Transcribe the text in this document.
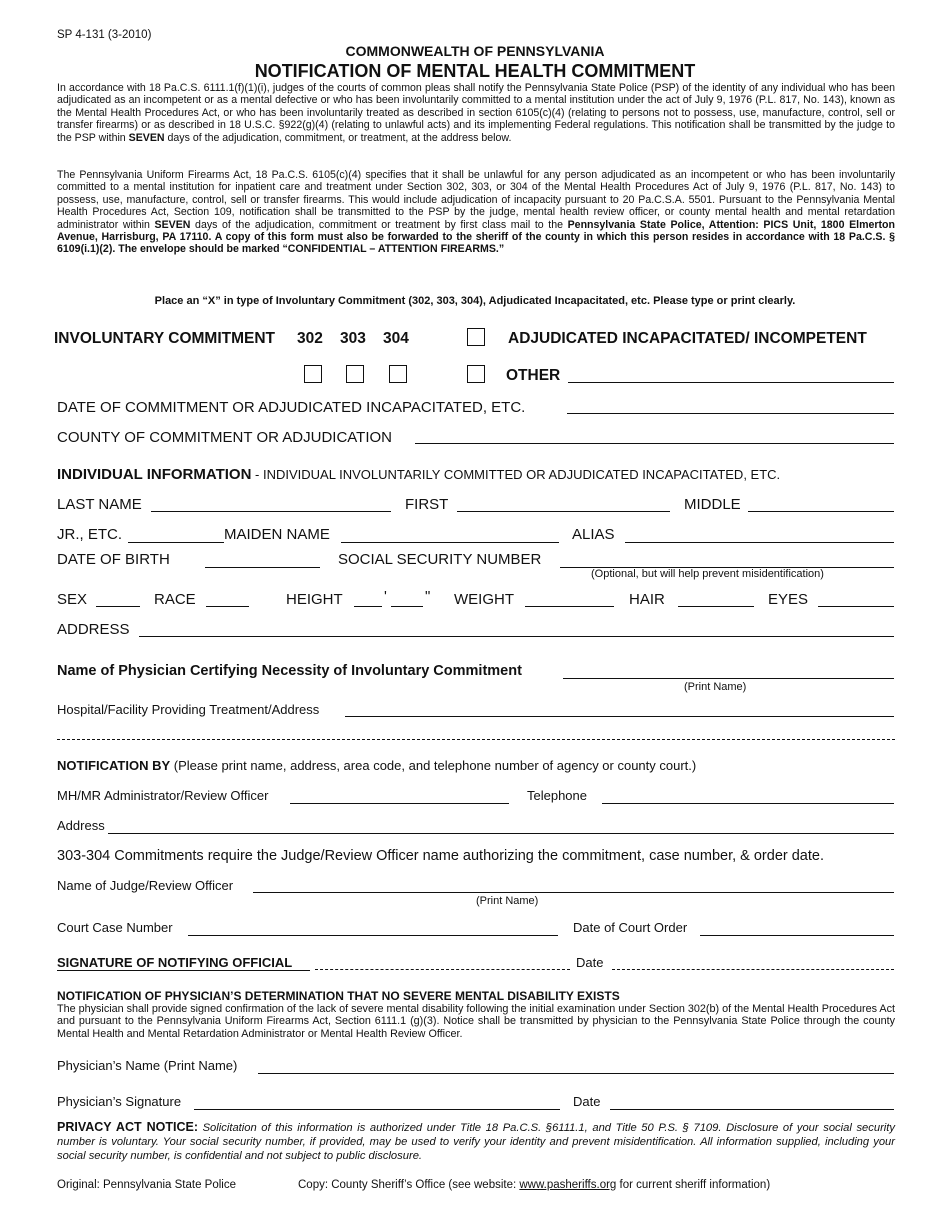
SP 4-131 (3-2010)
COMMONWEALTH OF PENNSYLVANIA
NOTIFICATION OF MENTAL HEALTH COMMITMENT
In accordance with 18 Pa.C.S. 6111.1(f)(1)(i), judges of the courts of common pleas shall notify the Pennsylvania State Police (PSP) of the identity of any individual who has been adjudicated as an incompetent or as a mental defective or who has been involuntarily committed to a mental institution under the act of July 9, 1976 (P.L. 817, No. 143), known as the Mental Health Procedures Act, or who has been involuntarily treated as described in section 6105(c)(4) (relating to persons not to possess, use, manufacture, control, sell or transfer firearms) or as described in 18 U.S.C. §922(g)(4) (relating to unlawful acts) and its implementing Federal regulations. This notification shall be transmitted by the judge to the PSP within SEVEN days of the adjudication, commitment, or treatment, at the address below.
The Pennsylvania Uniform Firearms Act, 18 Pa.C.S. 6105(c)(4) specifies that it shall be unlawful for any person adjudicated as an incompetent or who has been involuntarily committed to a mental institution for inpatient care and treatment under Section 302, 303, or 304 of the Mental Health Procedures Act of July 9, 1976 (P.L. 817, No. 143) to possess, use, manufacture, control, sell or transfer firearms. This would include adjudication of incapacity pursuant to 20 Pa.C.S.A. 5501. Pursuant to the Pennsylvania Mental Health Procedures Act, Section 109, notification shall be transmitted to the PSP by the judge, mental health review officer, or county mental health and mental retardation administrator within SEVEN days of the adjudication, commitment or treatment by first class mail to the Pennsylvania State Police, Attention: PICS Unit, 1800 Elmerton Avenue, Harrisburg, PA 17110. A copy of this form must also be forwarded to the sheriff of the county in which this person resides in accordance with 18 Pa.C.S. § 6109(i.1)(2). The envelope should be marked “CONFIDENTIAL – ATTENTION FIREARMS.”
Place an “X” in type of Involuntary Commitment (302, 303, 304), Adjudicated Incapacitated, etc. Please type or print clearly.
INVOLUNTARY COMMITMENT 302 303 304	ADJUDICATED INCAPACITATED/ INCOMPETENT
OTHER
DATE OF COMMITMENT OR ADJUDICATED INCAPACITATED, ETC.
COUNTY OF COMMITMENT OR ADJUDICATION
INDIVIDUAL INFORMATION - INDIVIDUAL INVOLUNTARILY COMMITTED OR ADJUDICATED INCAPACITATED, ETC.
LAST NAME	FIRST	MIDDLE
JR., ETC.	MAIDEN NAME	ALIAS
DATE OF BIRTH	SOCIAL SECURITY NUMBER
(Optional, but will help prevent misidentification)
SEX	RACE	HEIGHT	'	" WEIGHT	HAIR	EYES
ADDRESS
Name of Physician Certifying Necessity of Involuntary Commitment
(Print Name)
Hospital/Facility Providing Treatment/Address
NOTIFICATION BY (Please print name, address, area code, and telephone number of agency or county court.)
MH/MR Administrator/Review Officer	Telephone
Address
303-304 Commitments require the Judge/Review Officer name authorizing the commitment, case number, & order date.
Name of Judge/Review Officer
(Print Name)
Court Case Number	Date of Court Order
SIGNATURE OF NOTIFYING OFFICIAL	Date
NOTIFICATION OF PHYSICIAN’S DETERMINATION THAT NO SEVERE MENTAL DISABILITY EXISTS
The physician shall provide signed confirmation of the lack of severe mental disability following the initial examination under Section 302(b) of the Mental Health Procedures Act and pursuant to the Pennsylvania Uniform Firearms Act, Section 6111.1 (g)(3). Notice shall be transmitted by physician to the Pennsylvania State Police through the county Mental Health and Mental Retardation Administrator or Mental Health Review Officer.
Physician’s Name (Print Name)
Physician’s Signature	Date
PRIVACY ACT NOTICE: Solicitation of this information is authorized under Title 18 Pa.C.S. §6111.1, and Title 50 P.S. § 7109. Disclosure of your social security number is voluntary. Your social security number, if provided, may be used to verify your identity and prevent misidentification. All information supplied, including your social security number, is confidential and not subject to public disclosure.
Original: Pennsylvania State Police	Copy: County Sheriff’s Office (see website: www.pasheriffs.org for current sheriff information)
